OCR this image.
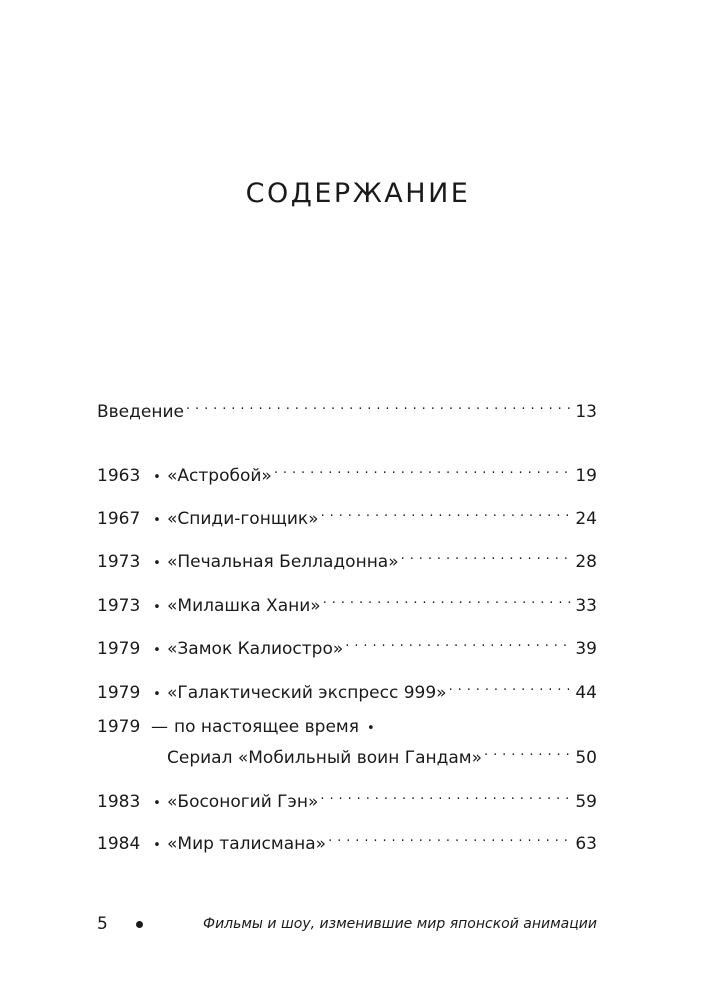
СОДЕРЖАНИЕ
Введение . . .	13
1963 • «Астробой» . . .	19
1967 • «Спиди-гонщик» . . .	24
1973 • «Печальная Белладонна» . . .	28
1973 • «Милашка Хани» . . .	33
1979 • «Замок Калиостро» . . .	39
1979 • «Галактический экспресс 999» . . .	44
1979 — по настоящее время •
Сериал «Мобильный воин Гандам» . . .	50
1983 • «Босоногий Гэн» . . .	59
1984 • «Мир талисмана» . . .	63
5	Фильмы и шоу, изменившие мир японской анимации
